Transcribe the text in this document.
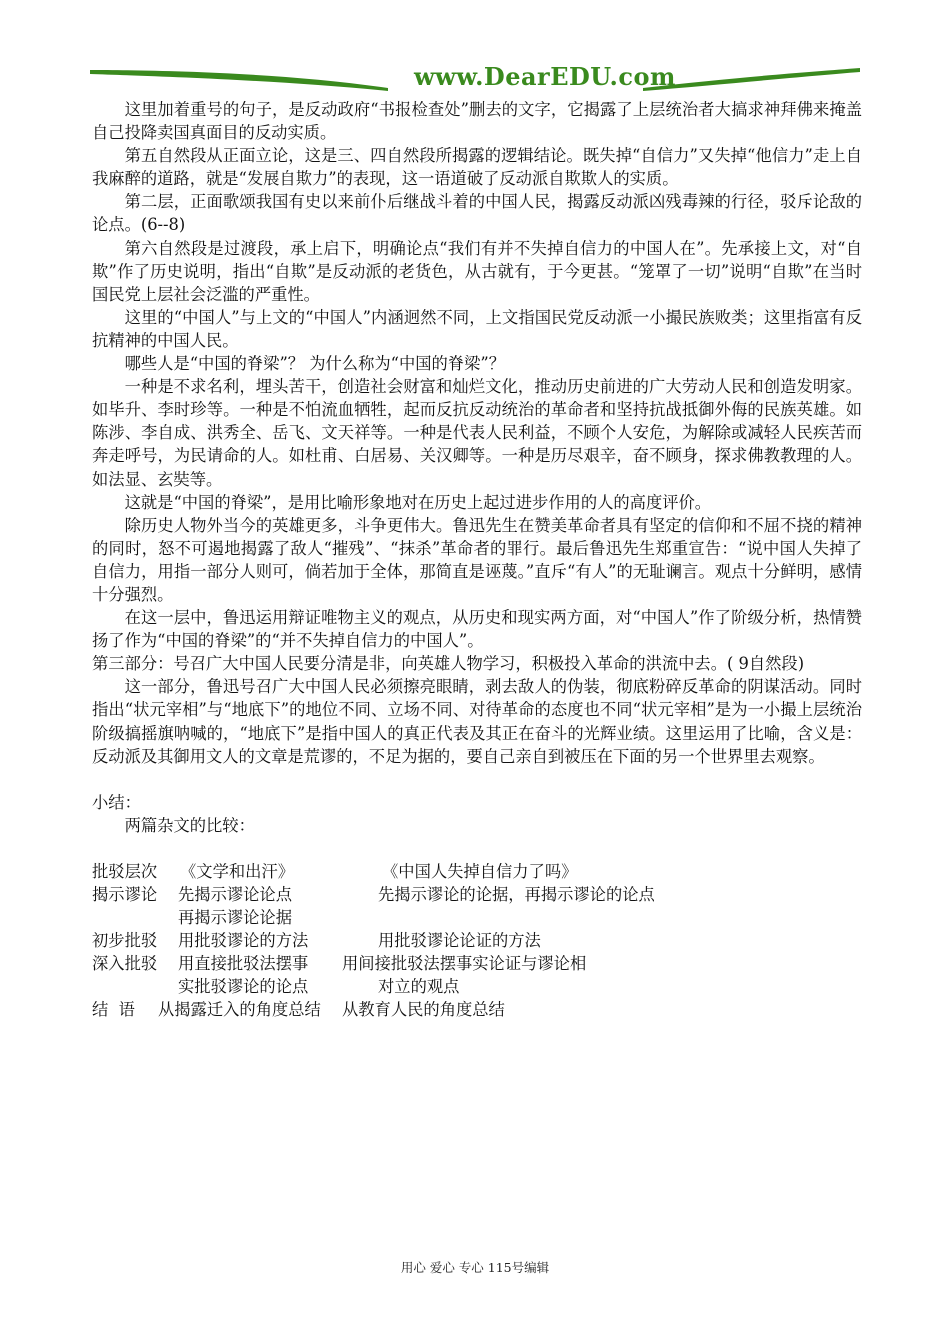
www.DearEDU.com

这里加着重号的句子，是反动政府“书报检查处”删去的文字，它揭露了上层统治者大搞求神拜佛来掩盖自己投降卖国真面目的反动实质。

第五自然段从正面立论，这是三、四自然段所揭露的逻辑结论。既失掉“自信力”又失掉“他信力”走上自我麻醉的道路，就是“发展自欺力”的表现，这一语道破了反动派自欺欺人的实质。

第二层，正面歌颂我国有史以来前仆后继战斗着的中国人民，揭露反动派凶残毒辣的行径，驳斥论敌的论点。(6--8)

第六自然段是过渡段，承上启下，明确论点“我们有并不失掉自信力的中国人在”。先承接上文，对“自欺”作了历史说明，指出“自欺”是反动派的老货色，从古就有，于今更甚。“笼罩了一切”说明“自欺”在当时国民党上层社会泛滥的严重性。

这里的“中国人”与上文的“中国人”内涵迥然不同，上文指国民党反动派一小撮民族败类；这里指富有反抗精神的中国人民。

哪些人是“中国的脊梁”？ 为什么称为“中国的脊梁”？

一种是不求名利，埋头苦干，创造社会财富和灿烂文化，推动历史前进的广大劳动人民和创造发明家。如毕升、李时珍等。一种是不怕流血牺牲，起而反抗反动统治的革命者和坚持抗战抵御外侮的民族英雄。如陈涉、李自成、洪秀全、岳飞、文天祥等。一种是代表人民利益，不顾个人安危，为解除或减轻人民疾苦而奔走呼号，为民请命的人。如杜甫、白居易、关汉卿等。一种是历尽艰辛，奋不顾身，探求佛教教理的人。如法显、玄奘等。

这就是“中国的脊梁”，是用比喻形象地对在历史上起过进步作用的人的高度评价。

除历史人物外当今的英雄更多，斗争更伟大。鲁迅先生在赞美革命者具有坚定的信仰和不屈不挠的精神的同时，怒不可遏地揭露了敌人“摧残”、“抹杀”革命者的罪行。最后鲁迅先生郑重宣告：“说中国人失掉了自信力，用指一部分人则可，倘若加于全体，那简直是诬蔑。”直斥“有人”的无耻谰言。观点十分鲜明，感情十分强烈。

在这一层中，鲁迅运用辩证唯物主义的观点，从历史和现实两方面，对“中国人”作了阶级分析，热情赞扬了作为“中国的脊梁”的“并不失掉自信力的中国人”。

第三部分：号召广大中国人民要分清是非，向英雄人物学习，积极投入革命的洪流中去。( 9自然段)

这一部分，鲁迅号召广大中国人民必须擦亮眼睛，剥去敌人的伪装，彻底粉碎反革命的阴谋活动。同时指出“状元宰相”与“地底下”的地位不同、立场不同、对待革命的态度也不同“状元宰相”是为一小撮上层统治阶级搞摇旗呐喊的，“地底下”是指中国人的真正代表及其正在奋斗的光辉业绩。这里运用了比喻，含义是：反动派及其御用文人的文章是荒谬的，不足为据的，要自己亲自到被压在下面的另一个世界里去观察。

小结：

两篇杂文的比较：

批驳层次 《文学和出汗》	《中国人失掉自信力了吗》
揭示谬论 先揭示谬论论点	先揭示谬论的论据，再揭示谬论的论点
再揭示谬论论据
初步批驳 用批驳谬论的方法	用批驳谬论论证的方法
深入批驳 用直接批驳法摆事 用间接批驳法摆事实论证与谬论相
实批驳谬论的论点	对立的观点
结  语 从揭露迁入的角度总结 从教育人民的角度总结
用心 爱心 专心 115号编辑
